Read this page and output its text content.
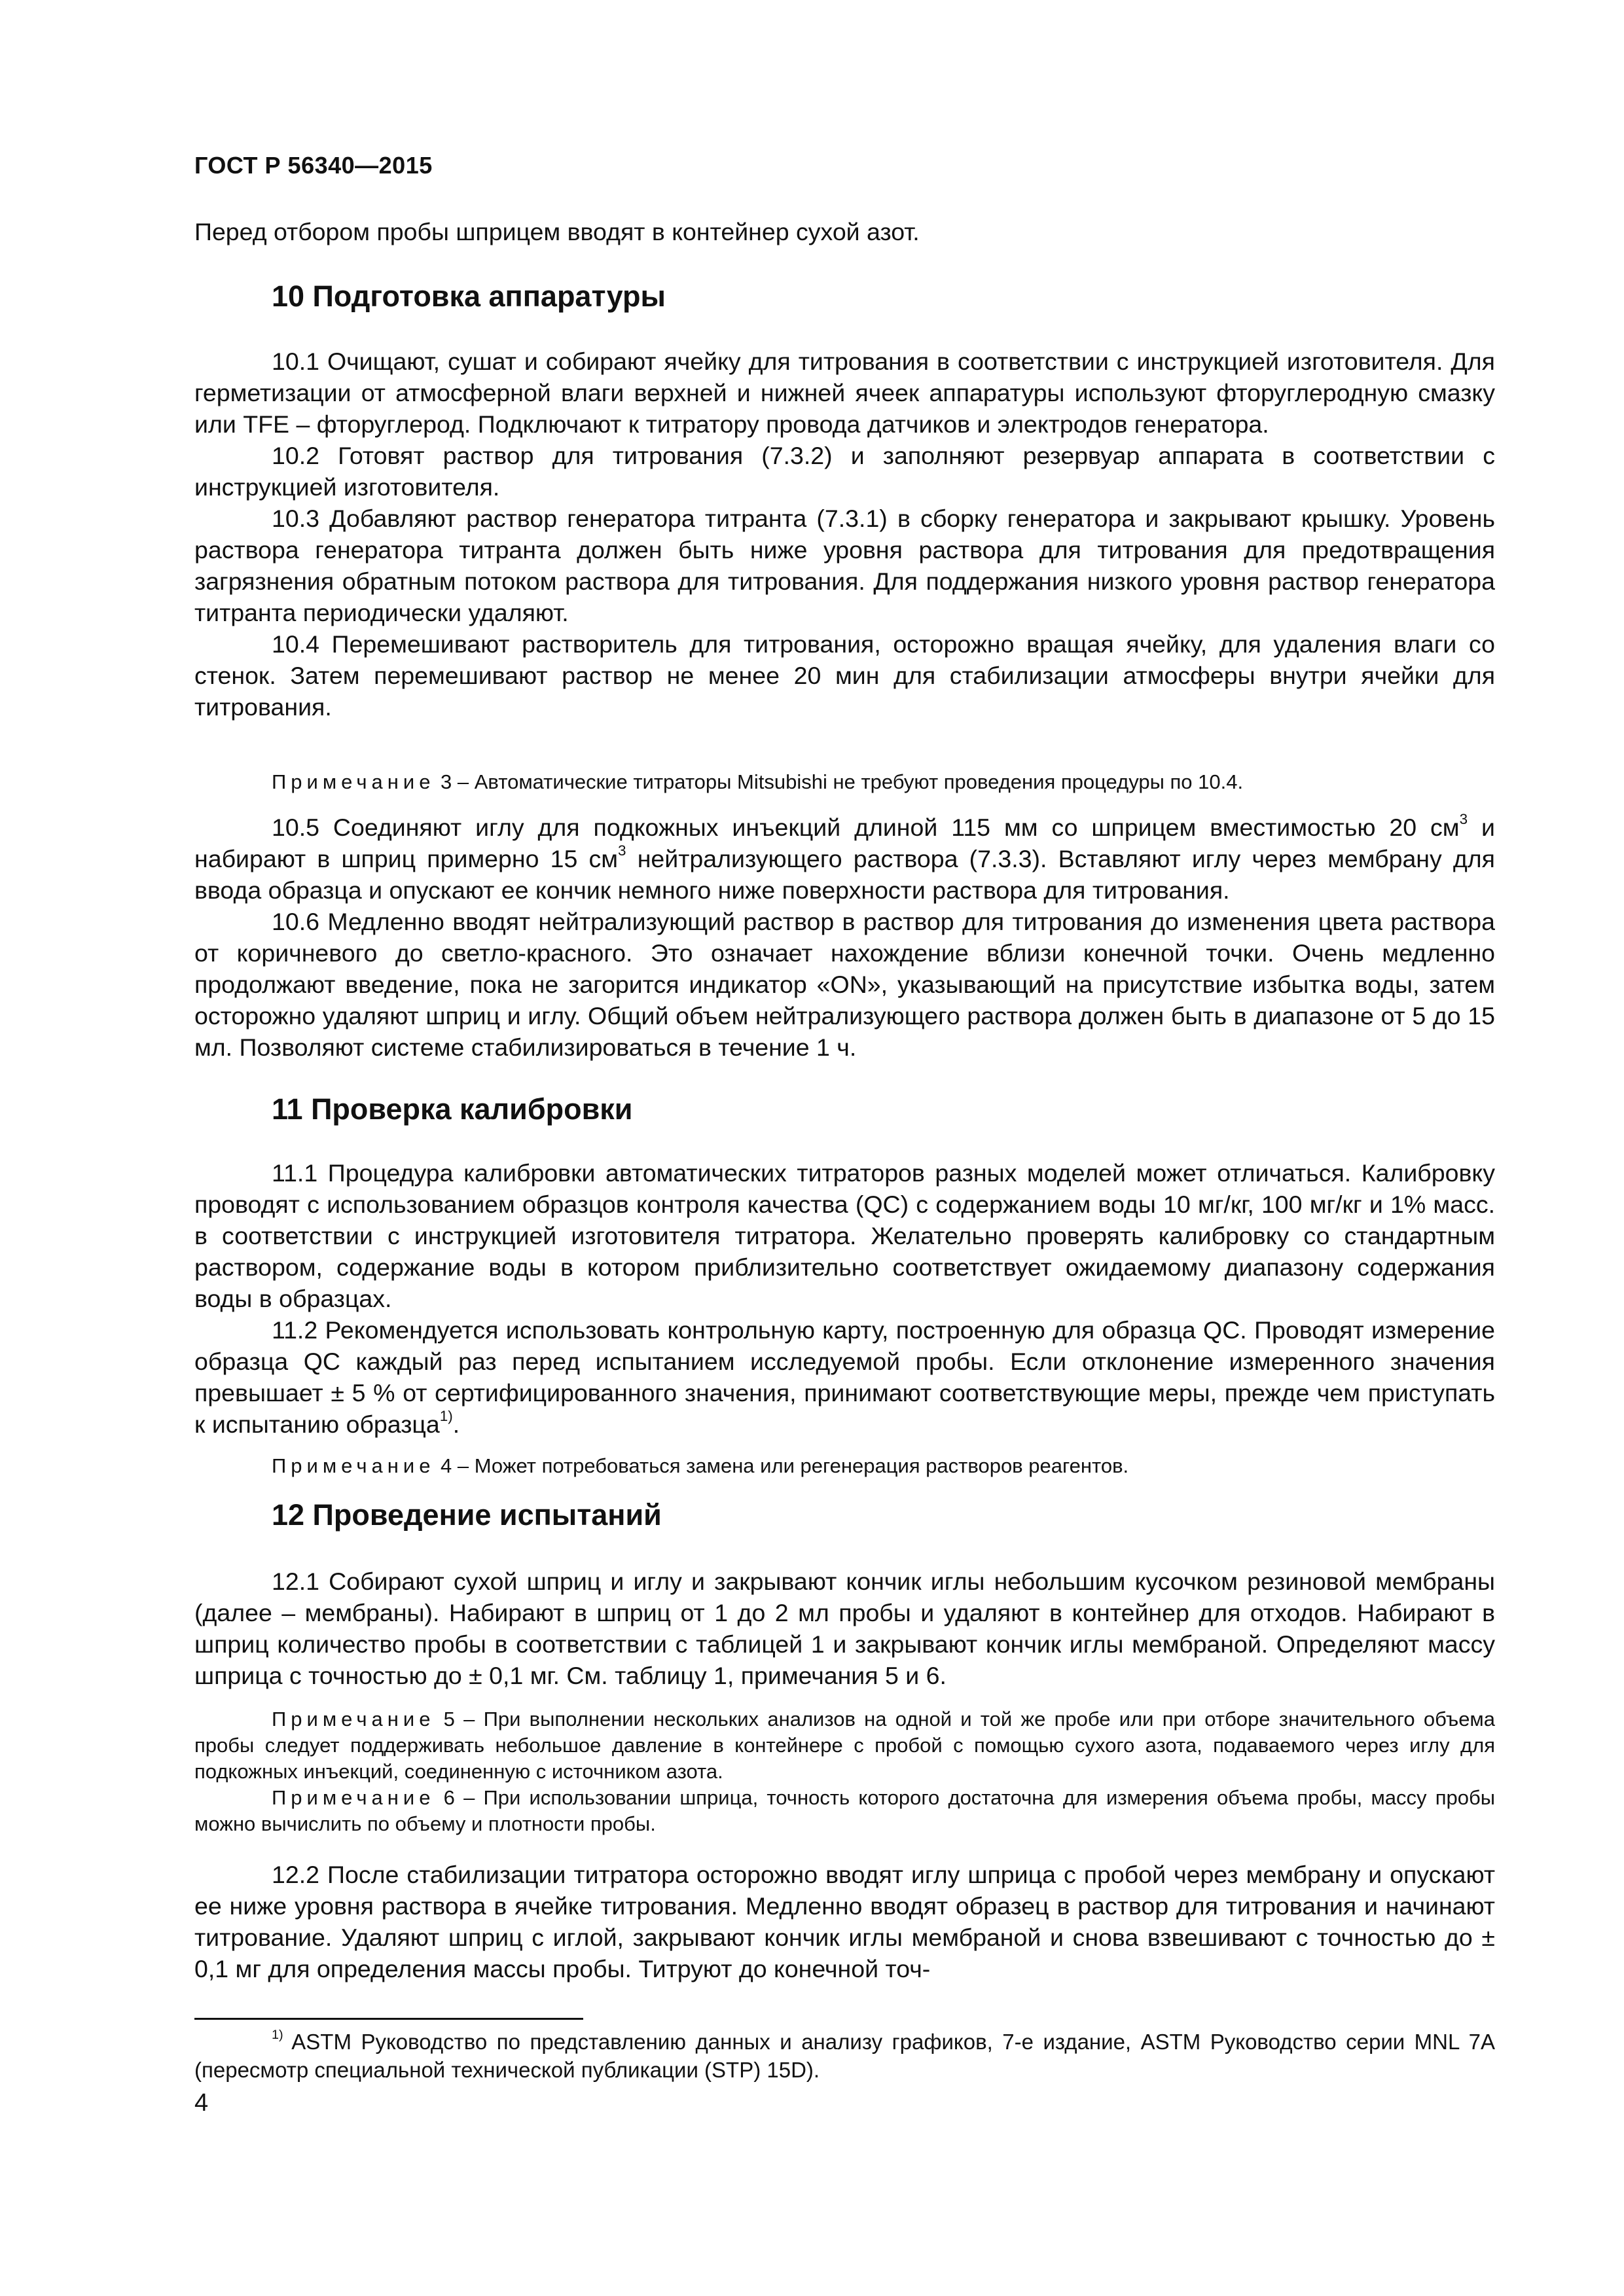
ГОСТ Р 56340—2015

Перед отбором пробы шприцем вводят в контейнер сухой азот.

10 Подготовка аппаратуры

10.1 Очищают, сушат и собирают ячейку для титрования в соответствии с инструкцией изготовителя. Для герметизации от атмосферной влаги верхней и нижней ячеек аппаратуры используют фторуглеродную смазку или TFE – фторуглерод. Подключают к титратору провода датчиков и электродов генератора.

10.2 Готовят раствор для титрования (7.3.2) и заполняют резервуар аппарата в соответствии с инструкцией изготовителя.

10.3 Добавляют раствор генератора титранта (7.3.1) в сборку генератора и закрывают крышку. Уровень раствора генератора титранта должен быть ниже уровня раствора для титрования для предотвращения загрязнения обратным потоком раствора для титрования. Для поддержания низкого уровня раствор генератора титранта периодически удаляют.

10.4 Перемешивают растворитель для титрования, осторожно вращая ячейку, для удаления влаги со стенок. Затем перемешивают раствор не менее 20 мин для стабилизации атмосферы внутри ячейки для титрования.

Примечание 3 – Автоматические титраторы Mitsubishi не требуют проведения процедуры по 10.4.

10.5 Соединяют иглу для подкожных инъекций длиной 115 мм со шприцем вместимостью 20 $см^3$ и набирают в шприц примерно 15 $см^3$ нейтрализующего раствора (7.3.3). Вставляют иглу через мембрану для ввода образца и опускают ее кончик немного ниже поверхности раствора для титрования.

10.6 Медленно вводят нейтрализующий раствор в раствор для титрования до изменения цвета раствора от коричневого до светло-красного. Это означает нахождение вблизи конечной точки. Очень медленно продолжают введение, пока не загорится индикатор «ON», указывающий на присутствие избытка воды, затем осторожно удаляют шприц и иглу. Общий объем нейтрализующего раствора должен быть в диапазоне от 5 до 15 мл. Позволяют системе стабилизироваться в течение 1 ч.

11 Проверка калибровки

11.1 Процедура калибровки автоматических титраторов разных моделей может отличаться. Калибровку проводят с использованием образцов контроля качества (QC) с содержанием воды 10 мг/кг, 100 мг/кг и 1% масс. в соответствии с инструкцией изготовителя титратора. Желательно проверять калибровку со стандартным раствором, содержание воды в котором приблизительно соответствует ожидаемому диапазону содержания воды в образцах.

11.2 Рекомендуется использовать контрольную карту, построенную для образца QC. Проводят измерение образца QC каждый раз перед испытанием исследуемой пробы. Если отклонение измеренного значения превышает ± 5 % от сертифицированного значения, принимают соответствующие меры, прежде чем приступать к испытанию образца$^{1)}$.

Примечание 4 – Может потребоваться замена или регенерация растворов реагентов.

12 Проведение испытаний

12.1 Собирают сухой шприц и иглу и закрывают кончик иглы небольшим кусочком резиновой мембраны (далее – мембраны). Набирают в шприц от 1 до 2 мл пробы и удаляют в контейнер для отходов. Набирают в шприц количество пробы в соответствии с таблицей 1 и закрывают кончик иглы мембраной. Определяют массу шприца с точностью до ± 0,1 мг. См. таблицу 1, примечания 5 и 6.

Примечание 5 – При выполнении нескольких анализов на одной и той же пробе или при отборе значительного объема пробы следует поддерживать небольшое давление в контейнере с пробой с помощью сухого азота, подаваемого через иглу для подкожных инъекций, соединенную с источником азота.

Примечание 6 – При использовании шприца, точность которого достаточна для измерения объема пробы, массу пробы можно вычислить по объему и плотности пробы.

12.2 После стабилизации титратора осторожно вводят иглу шприца с пробой через мембрану и опускают ее ниже уровня раствора в ячейке титрования. Медленно вводят образец в раствор для титрования и начинают титрование. Удаляют шприц с иглой, закрывают кончик иглы мембраной и снова взвешивают с точностью до ± 0,1 мг для определения массы пробы. Титруют до конечной точ-

$^{1)}$ ASTM Руководство по представлению данных и анализу графиков, 7-е издание, ASTM Руководство серии MNL 7A (пересмотр специальной технической публикации (STP) 15D).
4
